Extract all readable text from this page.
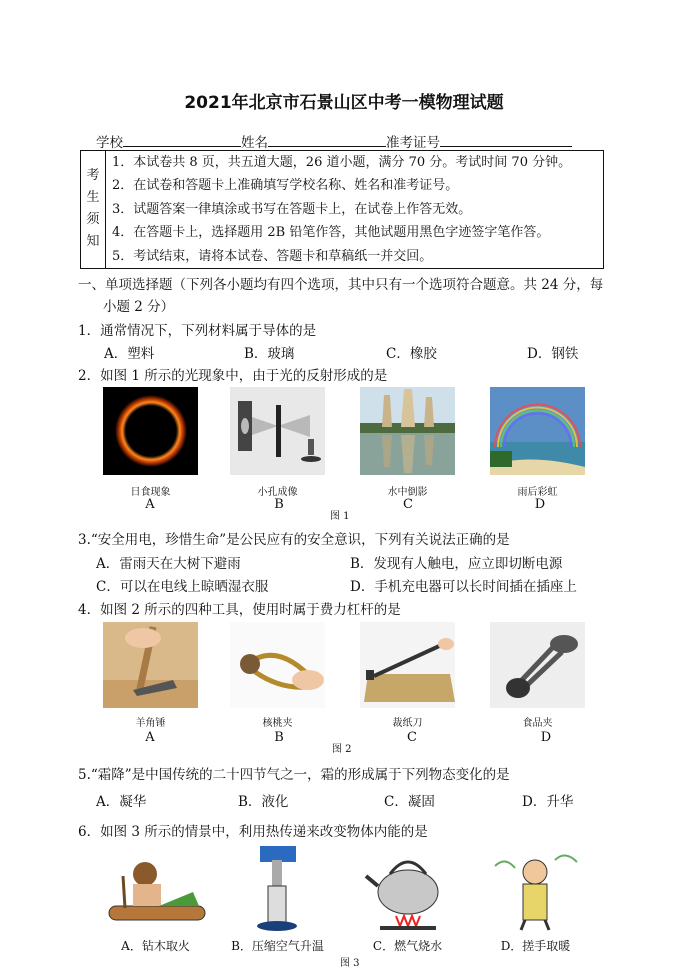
2021年北京市石景山区中考一模物理试题
学校	姓名	准考证号
考
生
须
知

1．本试卷共 8 页，共五道大题，26 道小题，满分 70 分。考试时间 70 分钟。
2．在试卷和答题卡上准确填写学校名称、姓名和准考证号。
3．试题答案一律填涂或书写在答题卡上，在试卷上作答无效。
4．在答题卡上，选择题用 2B 铅笔作答，其他试题用黑色字迹签字笔作答。
5．考试结束，请将本试卷、答题卡和草稿纸一并交回。
一、单项选择题（下列各小题均有四个选项，其中只有一个选项符合题意。共 24 分，每
小题 2 分）
1．通常情况下，下列材料属于导体的是
A．塑料	B．玻璃	C．橡胶	D．钢铁
2．如图 1 所示的光现象中，由于光的反射形成的是
日食现象	小孔成像	水中倒影	雨后彩虹
A	B	C	D
图 1
3.“安全用电，珍惜生命”是公民应有的安全意识，下列有关说法正确的是
A．雷雨天在大树下避雨	B．发现有人触电，应立即切断电源
C．可以在电线上晾晒湿衣服	D．手机充电器可以长时间插在插座上
4．如图 2 所示的四种工具，使用时属于费力杠杆的是
羊角锤	核桃夹	裁纸刀	食品夹
A	B	C	D
图 2
5.“霜降”是中国传统的二十四节气之一，霜的形成属于下列物态变化的是
A．凝华	B．液化	C．凝固	D．升华
6．如图 3 所示的情景中，利用热传递来改变物体内能的是
A．钻木取火	B．压缩空气升温	C．燃气烧水	D．搓手取暖
图 3
